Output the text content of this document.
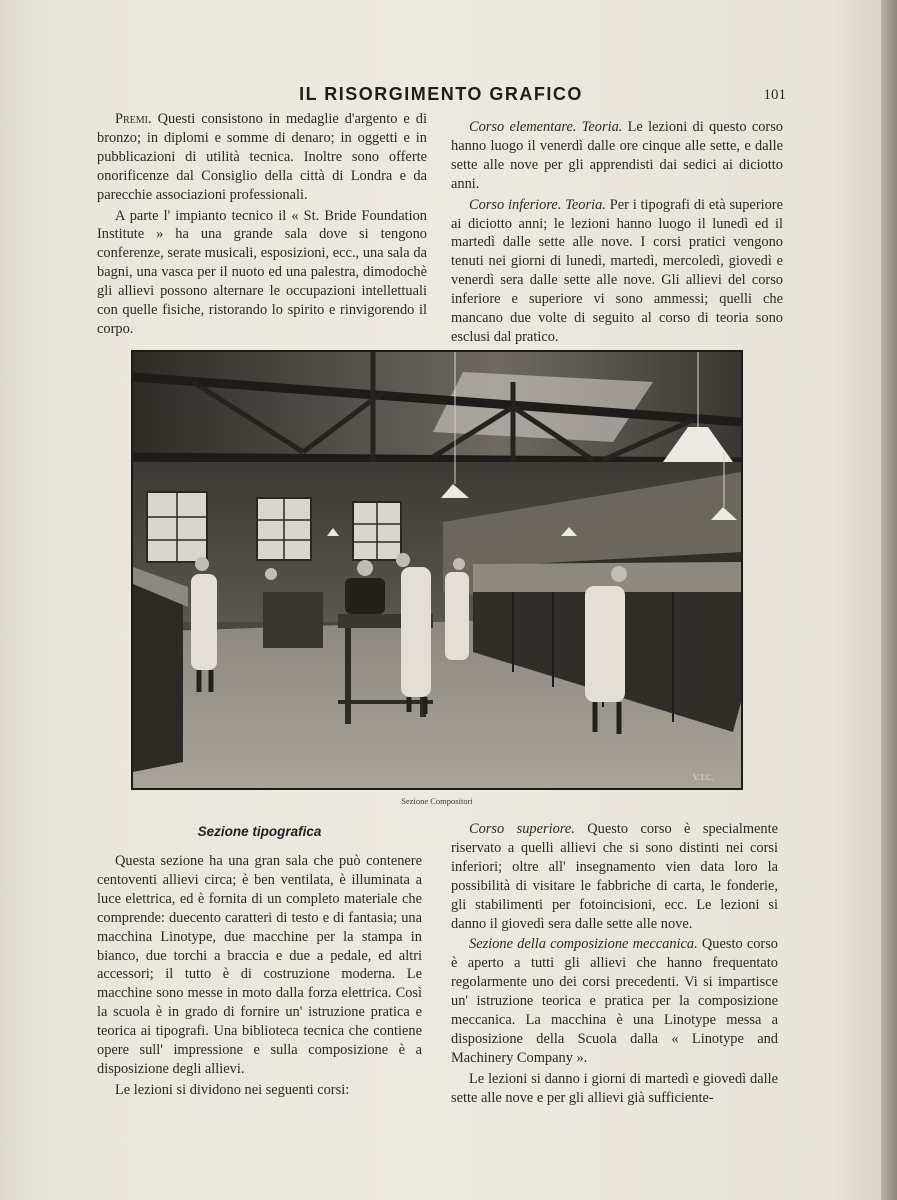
IL RISORGIMENTO GRAFICO	101

Premi. Questi consistono in medaglie d'argento e di bronzo; in diplomi e somme di denaro; in oggetti e in pubblicazioni di utilità tecnica. Inoltre sono offerte onorificenze dal Consiglio della città di Londra e da parecchie associazioni professionali.

A parte l' impianto tecnico il « St. Bride Foundation Institute » ha una grande sala dove si tengono conferenze, serate musicali, esposizioni, ecc., una sala da bagni, una vasca per il nuoto ed una palestra, dimodochè gli allievi possono alternare le occupazioni intellettuali con quelle fisiche, ristorando lo spirito e rinvigorendo il corpo.

Corso elementare. Teoria. Le lezioni di questo corso hanno luogo il venerdì dalle ore cinque alle sette, e dalle sette alle nove per gli apprendisti dai sedici ai diciotto anni.

Corso inferiore. Teoria. Per i tipografi di età superiore ai diciotto anni; le lezioni hanno luogo il lunedì ed il martedì dalle sette alle nove. I corsi pratici vengono tenuti nei giorni di lunedì, martedì, mercoledì, giovedì e venerdì sera dalle sette alle nove. Gli allievi del corso inferiore e superiore vi sono ammessi; quelli che mancano due volte di seguito al corso di teoria sono esclusi dal pratico.

V.T.C.
Sezione Compositori
Sezione tipografica

Questa sezione ha una gran sala che può contenere centoventi allievi circa; è ben ventilata, è illuminata a luce elettrica, ed è fornita di un completo materiale che comprende: duecento caratteri di testo e di fantasia; una macchina Linotype, due macchine per la stampa in bianco, due torchi a braccia e due a pedale, ed altri accessori; il tutto è di costruzione moderna. Le macchine sono messe in moto dalla forza elettrica. Così la scuola è in grado di fornire un' istruzione pratica e teorica ai tipografi. Una biblioteca tecnica che contiene opere sull' impressione e sulla composizione è a disposizione degli allievi.

Le lezioni si dividono nei seguenti corsi:

Corso superiore. Questo corso è specialmente riservato a quelli allievi che si sono distinti nei corsi inferiori; oltre all' insegnamento vien data loro la possibilità di visitare le fabbriche di carta, le fonderie, gli stabilimenti per fotoincisioni, ecc. Le lezioni si danno il giovedì sera dalle sette alle nove.

Sezione della composizione meccanica. Questo corso è aperto a tutti gli allievi che hanno frequentato regolarmente uno dei corsi precedenti. Vi si impartisce un' istruzione teorica e pratica per la composizione meccanica. La macchina è una Linotype messa a disposizione della Scuola dalla « Linotype and Machinery Company ».

Le lezioni si danno i giorni di martedì e giovedì dalle sette alle nove e per gli allievi già sufficiente-
